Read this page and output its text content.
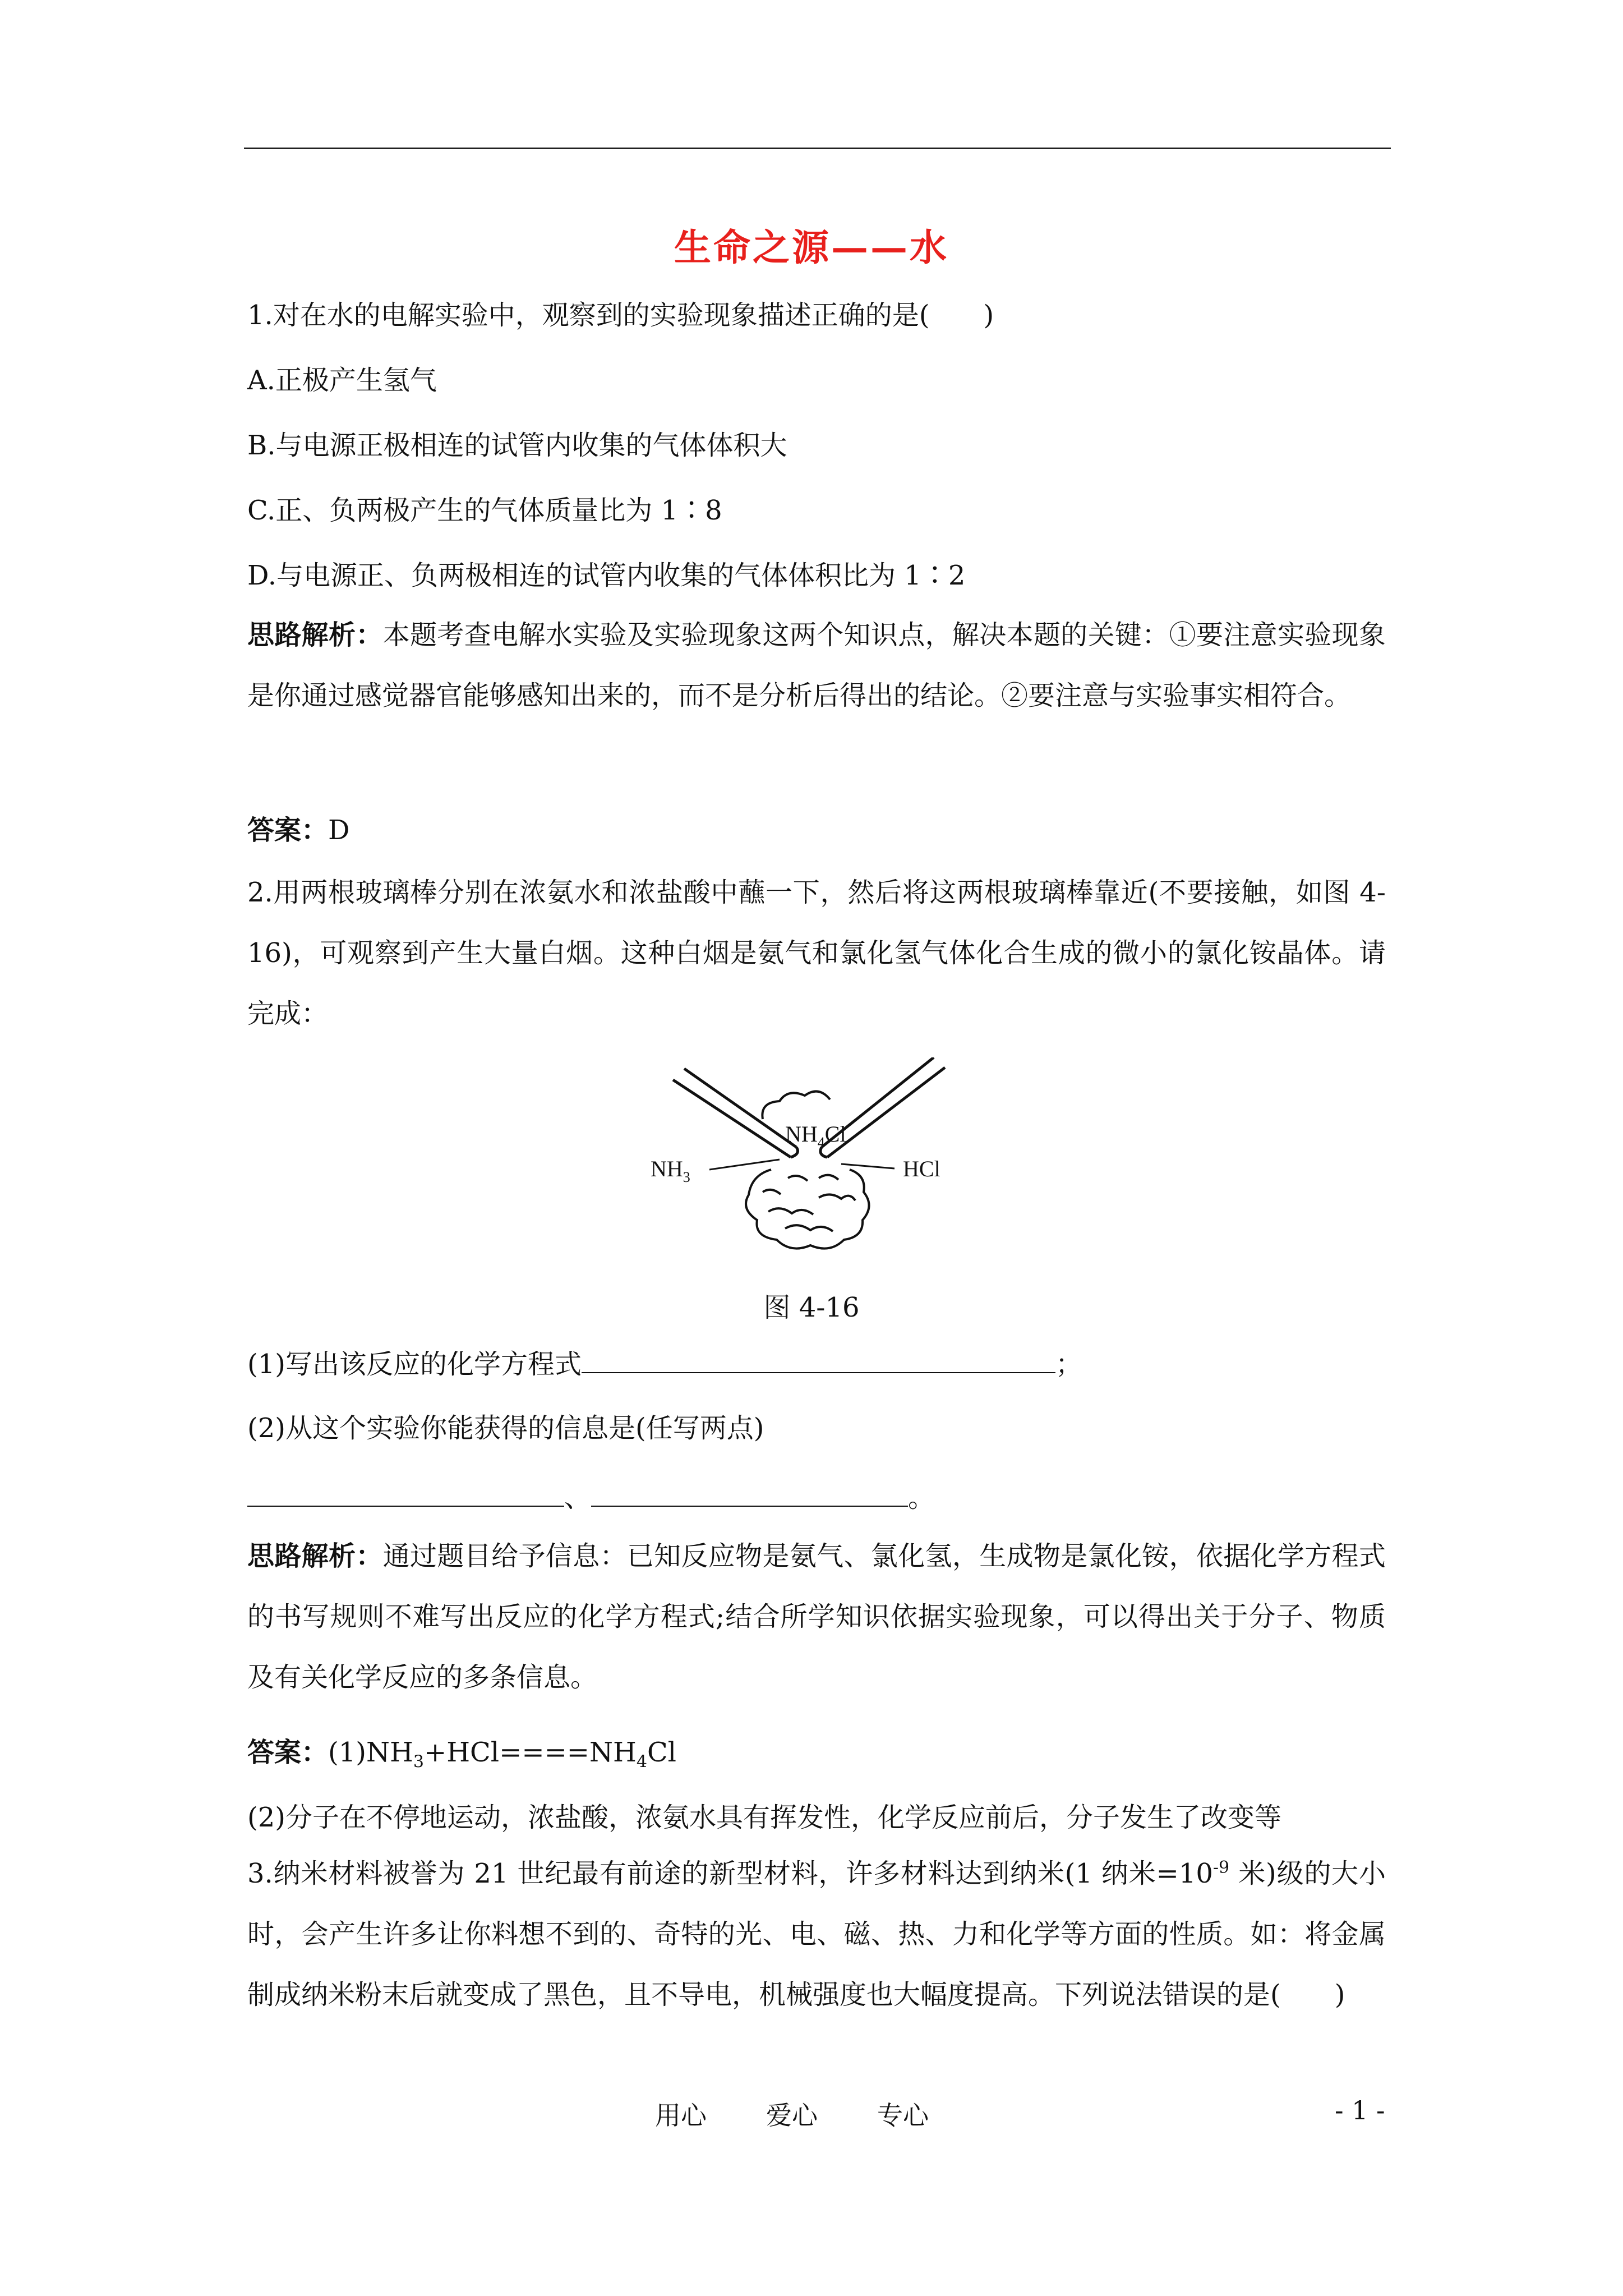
生命之源——水
1.对在水的电解实验中，观察到的实验现象描述正确的是(　　)
A.正极产生氢气
B.与电源正极相连的试管内收集的气体体积大
C.正、负两极产生的气体质量比为 1∶8
D.与电源正、负两极相连的试管内收集的气体体积比为 1∶2
思路解析：本题考查电解水实验及实验现象这两个知识点，解决本题的关键：①要注意实验现象是你通过感觉器官能够感知出来的，而不是分析后得出的结论。②要注意与实验事实相符合。
答案：D
2.用两根玻璃棒分别在浓氨水和浓盐酸中蘸一下，然后将这两根玻璃棒靠近(不要接触，如图 4-16)，可观察到产生大量白烟。这种白烟是氨气和氯化氢气体化合生成的微小的氯化铵晶体。请完成：
$NH_3$	HCl
$NH_4Cl$
图 4-16
(1)写出该反应的化学方程式	；
(2)从这个实验你能获得的信息是(任写两点)
、	。
思路解析：通过题目给予信息：已知反应物是氨气、氯化氢，生成物是氯化铵，依据化学方程式的书写规则不难写出反应的化学方程式;结合所学知识依据实验现象，可以得出关于分子、物质及有关化学反应的多条信息。
答案：$(1)NH_3+HCl====NH_4Cl$
(2)分子在不停地运动，浓盐酸，浓氨水具有挥发性，化学反应前后，分子发生了改变等
3.纳米材料被誉为 21 世纪最有前途的新型材料，许多材料达到纳米(1 纳米$=10^{-9}$ 米)级的大小时，会产生许多让你料想不到的、奇特的光、电、磁、热、力和化学等方面的性质。如：将金属制成纳米粉末后就变成了黑色，且不导电，机械强度也大幅度提高。下列说法错误的是(　　)
用心 爱心 专心	- 1 -
